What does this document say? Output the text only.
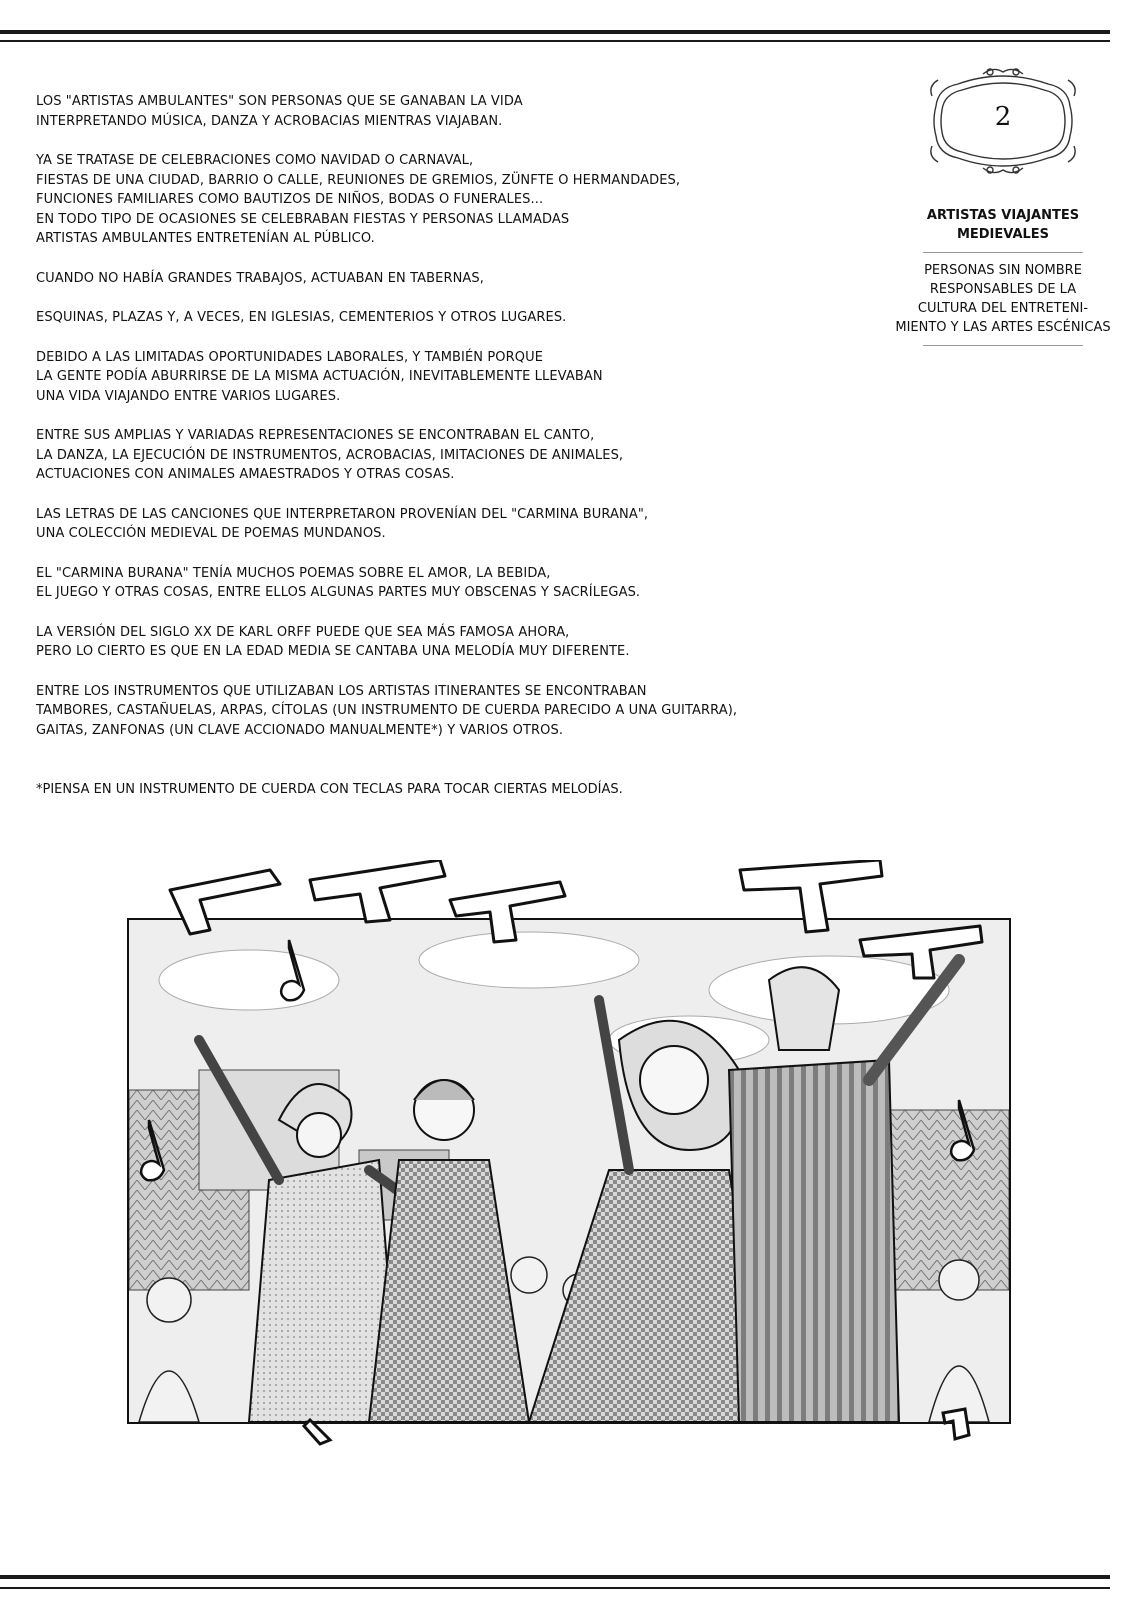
LOS "ARTISTAS AMBULANTES" SON PERSONAS QUE SE GANABAN LA VIDA
INTERPRETANDO MÚSICA, DANZA Y ACROBACIAS MIENTRAS VIAJABAN.

YA SE TRATASE DE CELEBRACIONES COMO NAVIDAD O CARNAVAL,
FIESTAS DE UNA CIUDAD, BARRIO O CALLE, REUNIONES DE GREMIOS, ZÜNFTE O HERMANDADES,
FUNCIONES FAMILIARES COMO BAUTIZOS DE NIÑOS, BODAS O FUNERALES...
EN TODO TIPO DE OCASIONES SE CELEBRABAN FIESTAS Y PERSONAS LLAMADAS
ARTISTAS AMBULANTES ENTRETENÍAN AL PÚBLICO.

CUANDO NO HABÍA GRANDES TRABAJOS, ACTUABAN EN TABERNAS,

ESQUINAS, PLAZAS Y, A VECES, EN IGLESIAS, CEMENTERIOS Y OTROS LUGARES.

DEBIDO A LAS LIMITADAS OPORTUNIDADES LABORALES, Y TAMBIÉN PORQUE
LA GENTE PODÍA ABURRIRSE DE LA MISMA ACTUACIÓN, INEVITABLEMENTE LLEVABAN
UNA VIDA VIAJANDO ENTRE VARIOS LUGARES.

ENTRE SUS AMPLIAS Y VARIADAS REPRESENTACIONES SE ENCONTRABAN EL CANTO,
LA DANZA, LA EJECUCIÓN DE INSTRUMENTOS, ACROBACIAS, IMITACIONES DE ANIMALES,
ACTUACIONES CON ANIMALES AMAESTRADOS Y OTRAS COSAS.

LAS LETRAS DE LAS CANCIONES QUE INTERPRETARON PROVENÍAN DEL "CARMINA BURANA",
UNA COLECCIÓN MEDIEVAL DE POEMAS MUNDANOS.

EL "CARMINA BURANA" TENÍA MUCHOS POEMAS SOBRE EL AMOR, LA BEBIDA,
EL JUEGO Y OTRAS COSAS, ENTRE ELLOS ALGUNAS PARTES MUY OBSCENAS Y SACRÍLEGAS.

LA VERSIÓN DEL SIGLO XX DE KARL ORFF PUEDE QUE SEA MÁS FAMOSA AHORA,
PERO LO CIERTO ES QUE EN LA EDAD MEDIA SE CANTABA UNA MELODÍA MUY DIFERENTE.

ENTRE LOS INSTRUMENTOS QUE UTILIZABAN LOS ARTISTAS ITINERANTES SE ENCONTRABAN
TAMBORES, CASTAÑUELAS, ARPAS, CÍTOLAS (UN INSTRUMENTO DE CUERDA PARECIDO A UNA GUITARRA),
GAITAS, ZANFONAS (UN CLAVE ACCIONADO MANUALMENTE*) Y VARIOS OTROS.

*PIENSA EN UN INSTRUMENTO DE CUERDA CON TECLAS PARA TOCAR CIERTAS MELODÍAS.
2
ARTISTAS VIAJANTES
MEDIEVALES
PERSONAS SIN NOMBRE
RESPONSABLES DE LA
CULTURA DEL ENTRETENI-
MIENTO Y LAS ARTES ESCÉNICAS
